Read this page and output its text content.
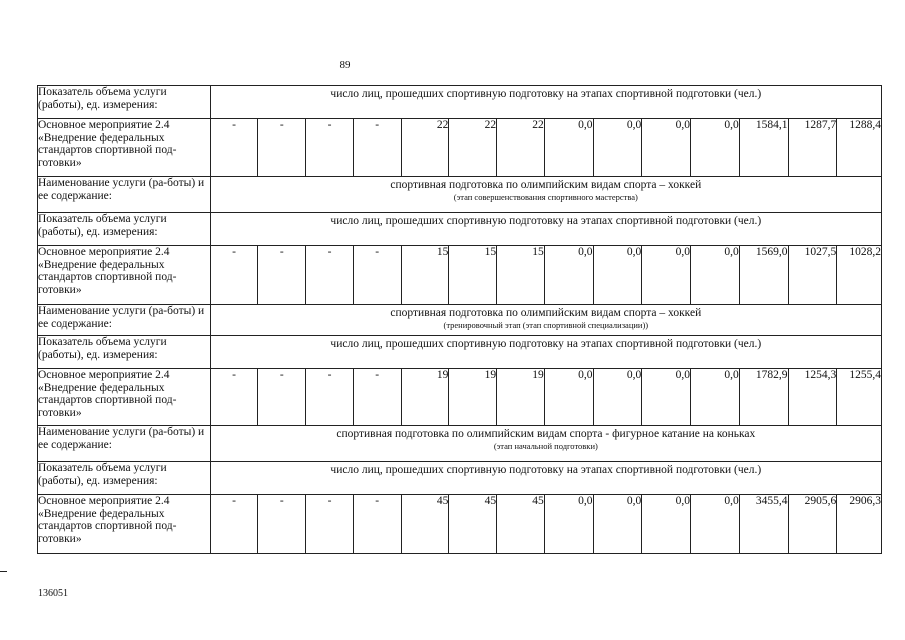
89
Показатель объема услуги (работы), ед. измерения:	число лиц, прошедших спортивную подготовку на этапах спортивной подготовки (чел.)													

Основное мероприятие 2.4 «Внедрение федеральных стандартов спортивной под-готовки»	-	-	-	-	22	22	22	0,0	0,0	0,0	0,0	1584,1	1287,7	1288,4
Наименование услуги (ра-боты) и ее содержание:	спортивная подготовка по олимпийским видам спорта – хоккей
(этап совершенствования спортивного мастерства)													

Показатель объема услуги (работы), ед. измерения:	число лиц, прошедших спортивную подготовку на этапах спортивной подготовки (чел.)													

Основное мероприятие 2.4 «Внедрение федеральных стандартов спортивной под-готовки»	-	-	-	-	15	15	15	0,0	0,0	0,0	0,0	1569,0	1027,5	1028,2
Наименование услуги (ра-боты) и ее содержание:	спортивная подготовка по олимпийским видам спорта – хоккей
(тренировочный этап (этап спортивной специализации))													

Показатель объема услуги (работы), ед. измерения:	число лиц, прошедших спортивную подготовку на этапах спортивной подготовки (чел.)													

Основное мероприятие 2.4 «Внедрение федеральных стандартов спортивной под-готовки»	-	-	-	-	19	19	19	0,0	0,0	0,0	0,0	1782,9	1254,3	1255,4
Наименование услуги (ра-боты) и ее содержание:	спортивная подготовка по олимпийским видам спорта - фигурное катание на коньках
(этап начальной подготовки)													

Показатель объема услуги (работы), ед. измерения:	число лиц, прошедших спортивную подготовку на этапах спортивной подготовки (чел.)													

Основное мероприятие 2.4 «Внедрение федеральных стандартов спортивной под-готовки»	-	-	-	-	45	45	45	0,0	0,0	0,0	0,0	3455,4	2905,6	2906,3
136051
